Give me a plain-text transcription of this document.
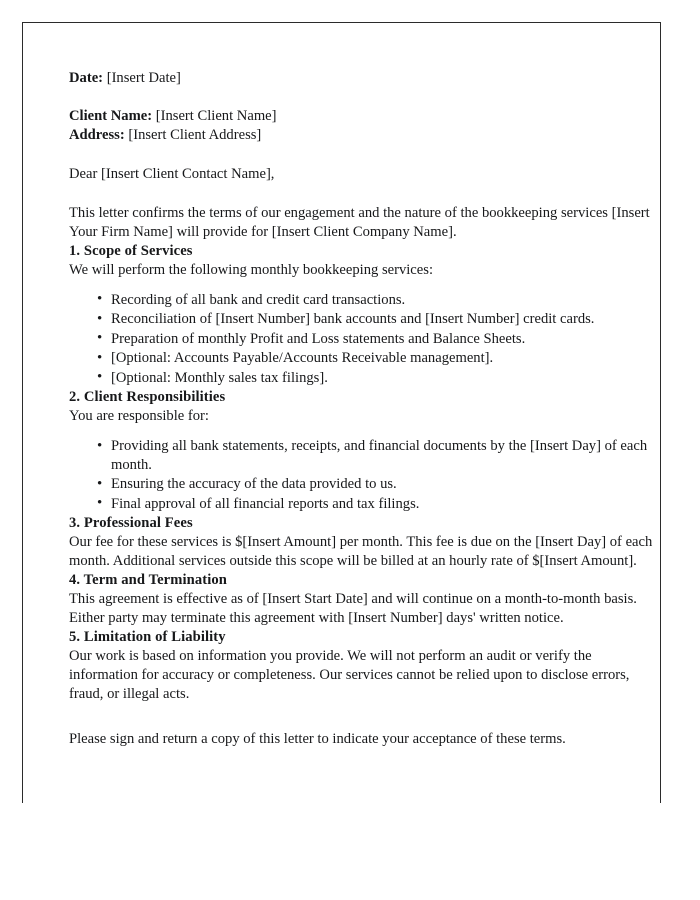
Date: [Insert Date]

Client Name: [Insert Client Name]
Address: [Insert Client Address]

Dear [Insert Client Contact Name],

This letter confirms the terms of our engagement and the nature of the bookkeeping services [Insert Your Firm Name] will provide for [Insert Client Company Name].

1. Scope of Services

We will perform the following monthly bookkeeping services:

• Recording of all bank and credit card transactions.
• Reconciliation of [Insert Number] bank accounts and [Insert Number] credit cards.
• Preparation of monthly Profit and Loss statements and Balance Sheets.
• [Optional: Accounts Payable/Accounts Receivable management].
• [Optional: Monthly sales tax filings].
2. Client Responsibilities

You are responsible for:

• Providing all bank statements, receipts, and financial documents by the [Insert Day] of each month.
• Ensuring the accuracy of the data provided to us.
• Final approval of all financial reports and tax filings.
3. Professional Fees

Our fee for these services is $[Insert Amount] per month. This fee is due on the [Insert Day] of each month. Additional services outside this scope will be billed at an hourly rate of $[Insert Amount].

4. Term and Termination

This agreement is effective as of [Insert Start Date] and will continue on a month-to-month basis. Either party may terminate this agreement with [Insert Number] days' written notice.

5. Limitation of Liability

Our work is based on information you provide. We will not perform an audit or verify the information for accuracy or completeness. Our services cannot be relied upon to disclose errors, fraud, or illegal acts.

Please sign and return a copy of this letter to indicate your acceptance of these terms.
